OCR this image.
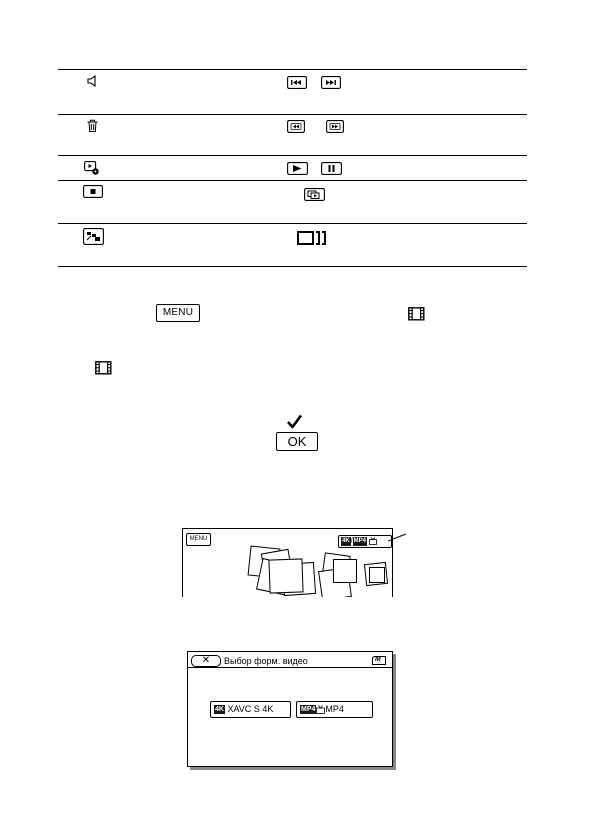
MENU
OK
MENU	4K MP4
✕	Выбор форм. видео	M
4K XAVC S 4K	MP4 MP4
